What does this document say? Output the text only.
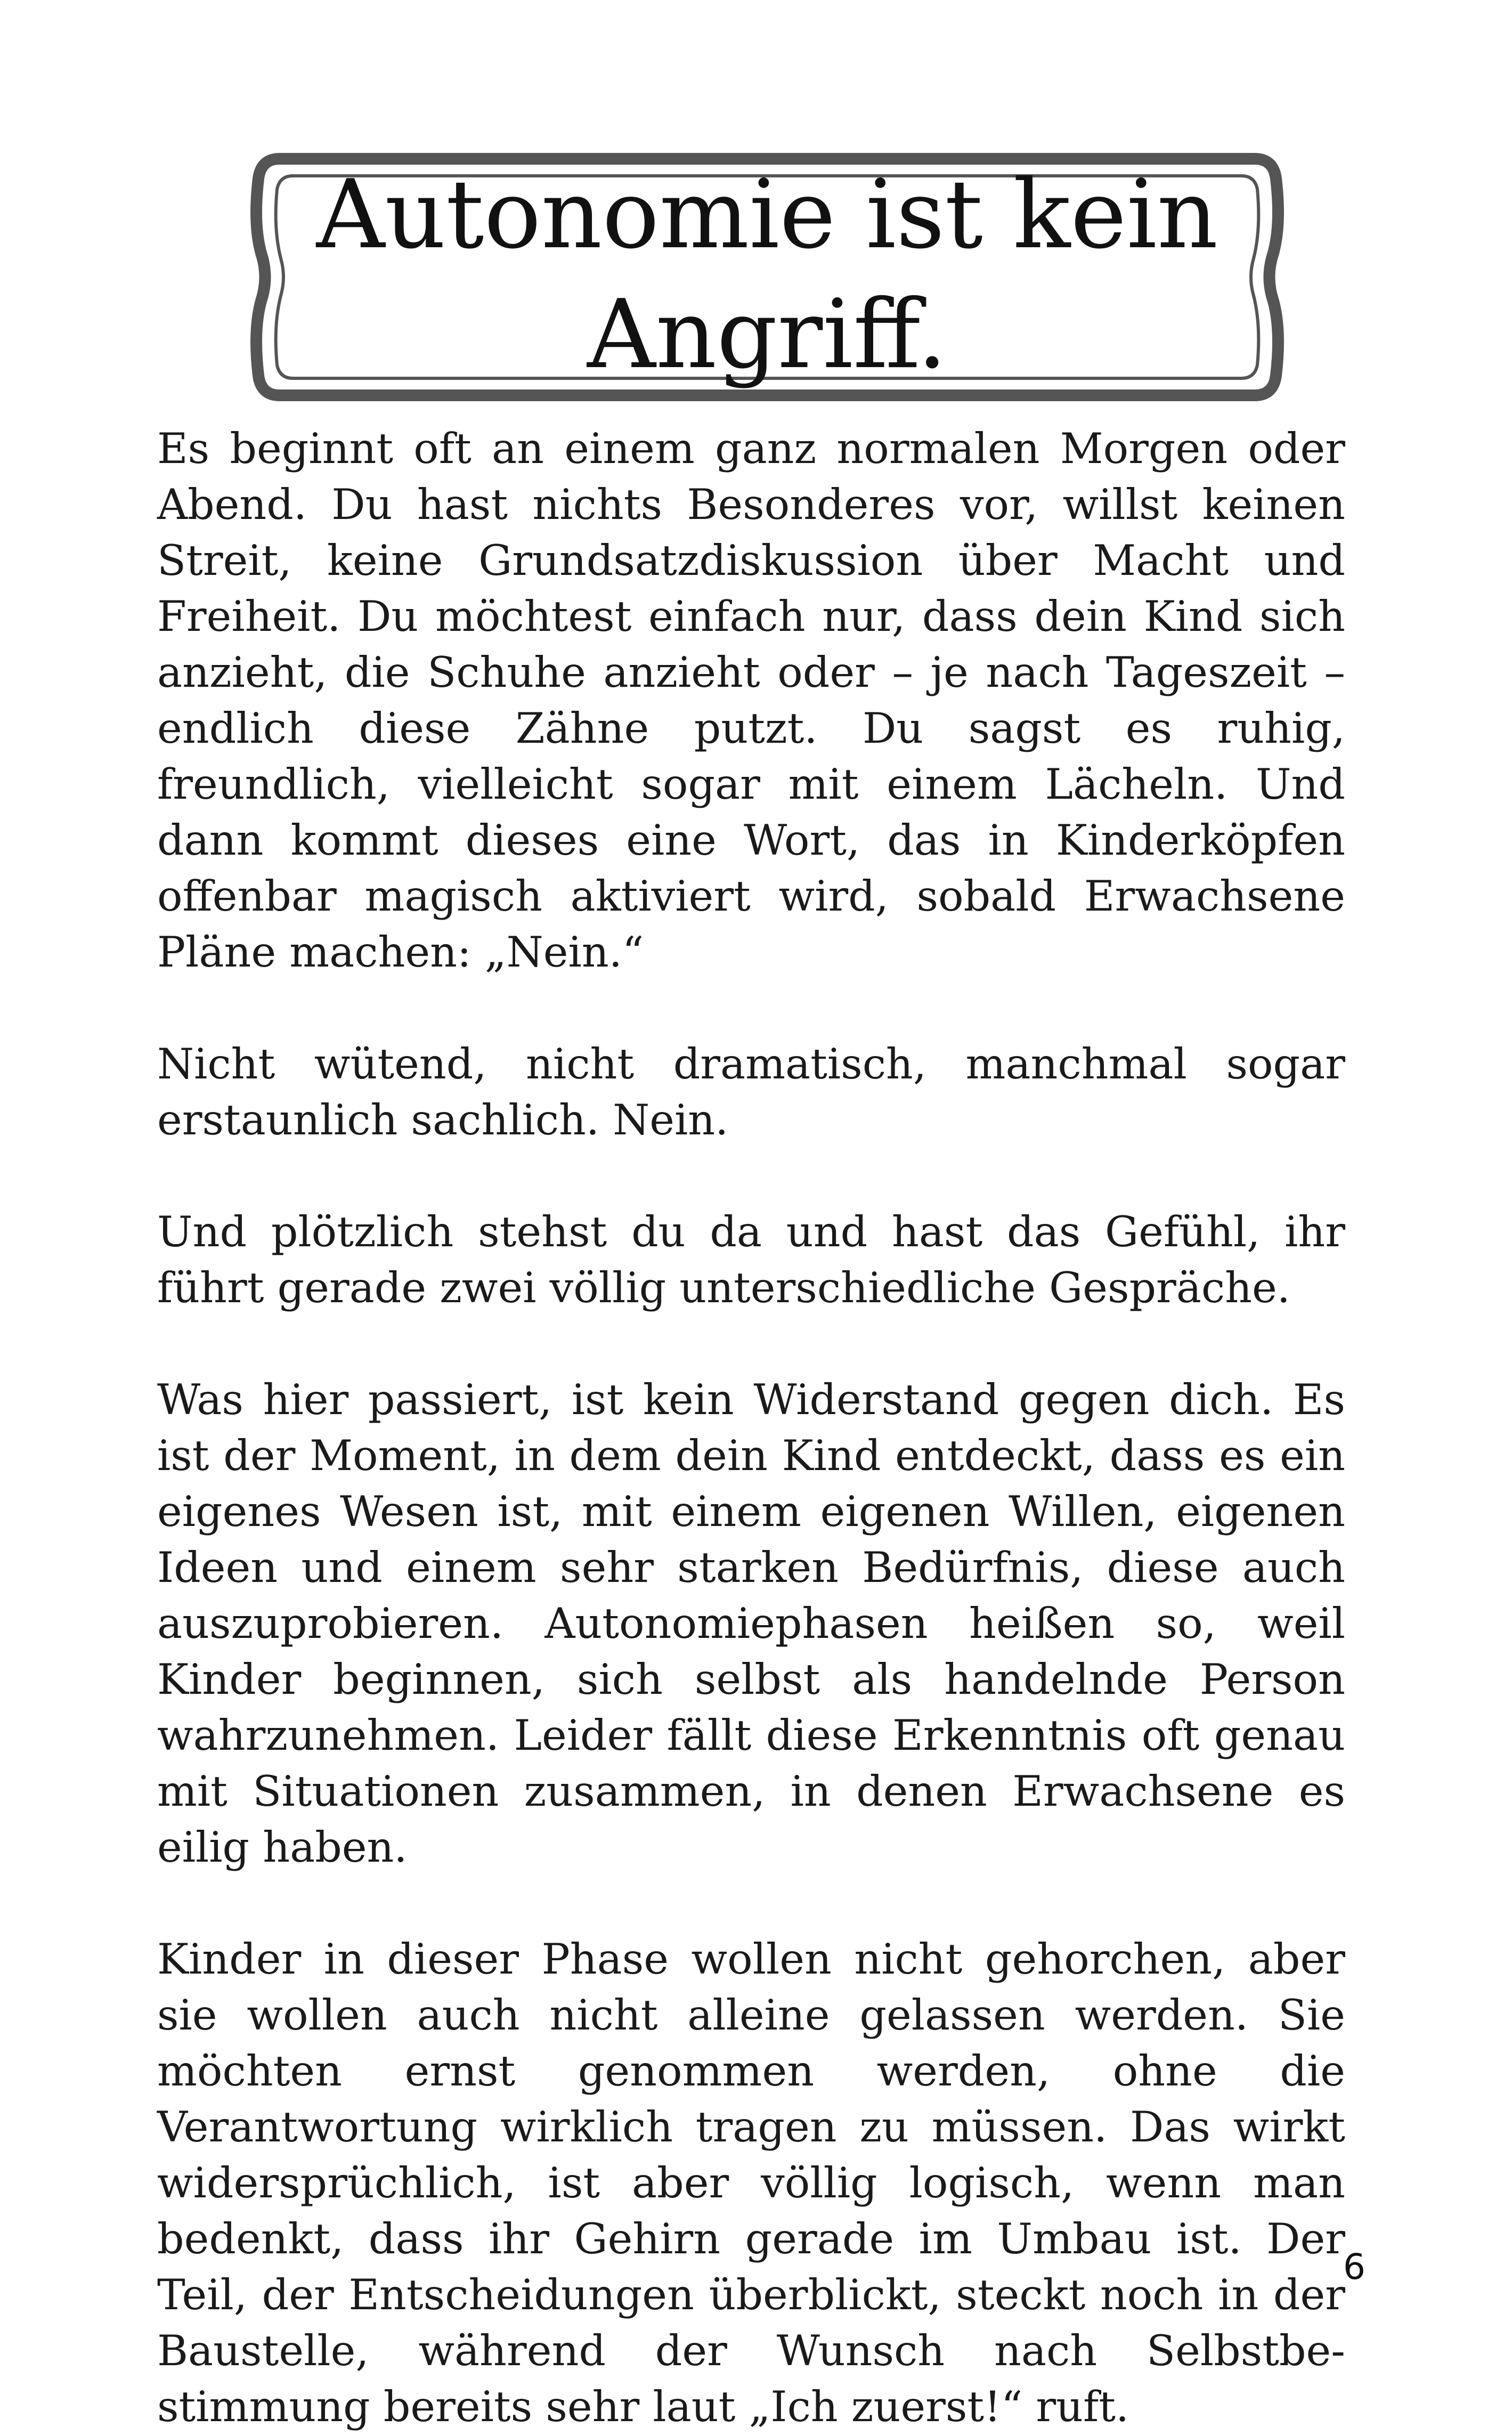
Autonomie ist kein
Angriff.

Es beginnt oft an einem ganz normalen Morgen oder Abend. Du hast nichts Besonderes vor, willst keinen Streit, keine Grundsatzdiskussion über Macht und Freiheit. Du möchtest einfach nur, dass dein Kind sich anzieht, die Schuhe anzieht oder – je nach Tageszeit – endlich diese Zähne putzt. Du sagst es ruhig, freundlich, vielleicht sogar mit einem Lächeln. Und dann kommt dieses eine Wort, das in Kinderköpfen offenbar magisch aktiviert wird, sobald Erwachsene Pläne machen: „Nein.“

Nicht wütend, nicht dramatisch, manchmal sogar erstaunlich sachlich. Nein.

Und plötzlich stehst du da und hast das Gefühl, ihr führt gerade zwei völlig unterschiedliche Gespräche.

Was hier passiert, ist kein Widerstand gegen dich. Es ist der Moment, in dem dein Kind entdeckt, dass es ein eigenes Wesen ist, mit einem eigenen Willen, eigenen Ideen und einem sehr starken Bedürfnis, diese auch auszuprobieren. Autonomiephasen heißen so, weil Kinder beginnen, sich selbst als handelnde Person wahrzunehmen. Leider fällt diese Erkenntnis oft genau mit Situationen zusammen, in denen Erwachsene es eilig haben.

Kinder in dieser Phase wollen nicht gehorchen, aber sie wollen auch nicht alleine gelassen werden. Sie möchten ernst genommen werden, ohne die Verantwortung wirklich tragen zu müssen. Das wirkt widersprüchlich, ist aber völlig logisch, wenn man bedenkt, dass ihr Gehirn gerade im Umbau ist. Der Teil, der Entscheidungen überblickt, steckt noch in der Baustelle, während der Wunsch nach Selbstbestimmung bereits sehr laut „Ich zuerst!“ ruft.

6
